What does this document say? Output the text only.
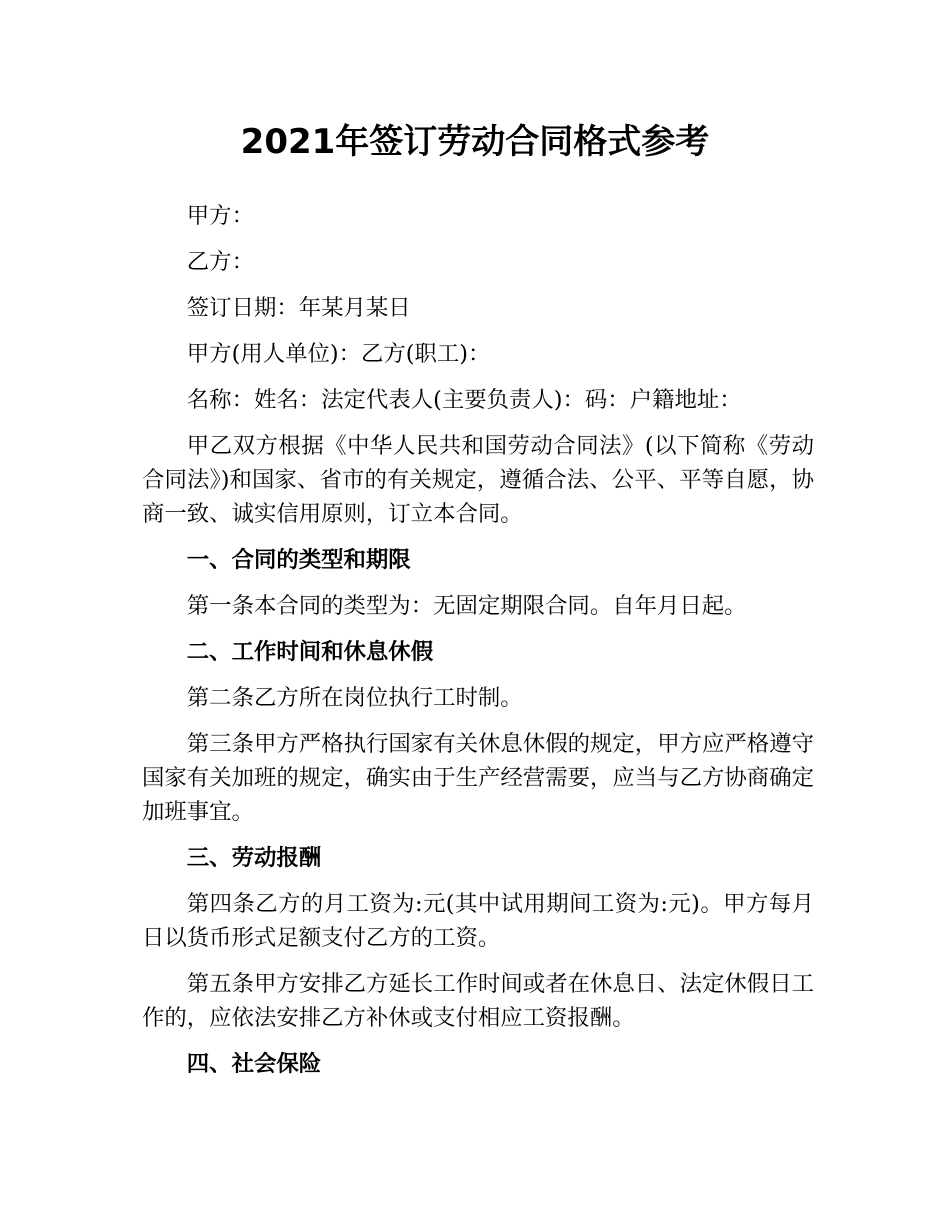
2021年签订劳动合同格式参考

甲方：

乙方：

签订日期：年某月某日

甲方(用人单位)：乙方(职工)：

名称：姓名：法定代表人(主要负责人)：码：户籍地址：

甲乙双方根据《中华人民共和国劳动合同法》(以下简称《劳动合同法》)和国家、省市的有关规定，遵循合法、公平、平等自愿，协商一致、诚实信用原则，订立本合同。

一、合同的类型和期限

第一条本合同的类型为：无固定期限合同。自年月日起。

二、工作时间和休息休假

第二条乙方所在岗位执行工时制。

第三条甲方严格执行国家有关休息休假的规定，甲方应严格遵守国家有关加班的规定，确实由于生产经营需要，应当与乙方协商确定加班事宜。

三、劳动报酬

第四条乙方的月工资为:元(其中试用期间工资为:元)。甲方每月日以货币形式足额支付乙方的工资。

第五条甲方安排乙方延长工作时间或者在休息日、法定休假日工作的，应依法安排乙方补休或支付相应工资报酬。

四、社会保险
